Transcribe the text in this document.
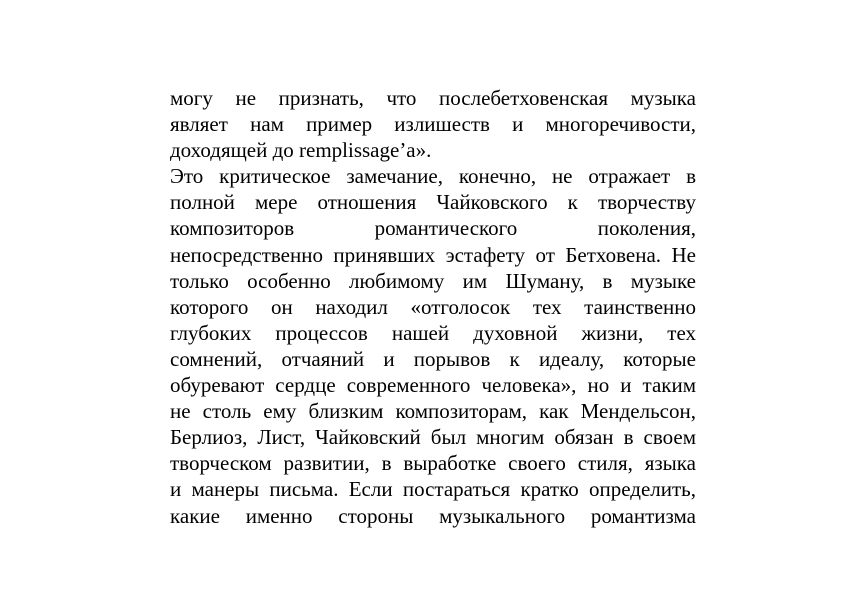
могу не признать, что послебетховенская музыка
являет нам пример излишеств и многоречивости,
доходящей до remplissage’а».
Это критическое замечание, конечно, не отражает в
полной мере отношения Чайковского к творчеству
композиторов романтического поколения,
непосредственно принявших эстафету от Бетховена. Не
только особенно любимому им Шуману, в музыке
которого он находил «отголосок тех таинственно
глубоких процессов нашей духовной жизни, тех
сомнений, отчаяний и порывов к идеалу, которые
обуревают сердце современного человека», но и таким
не столь ему близким композиторам, как Мендельсон,
Берлиоз, Лист, Чайковский был многим обязан в своем
творческом развитии, в выработке своего стиля, языка
и манеры письма. Если постараться кратко определить,
какие именно стороны музыкального романтизма
